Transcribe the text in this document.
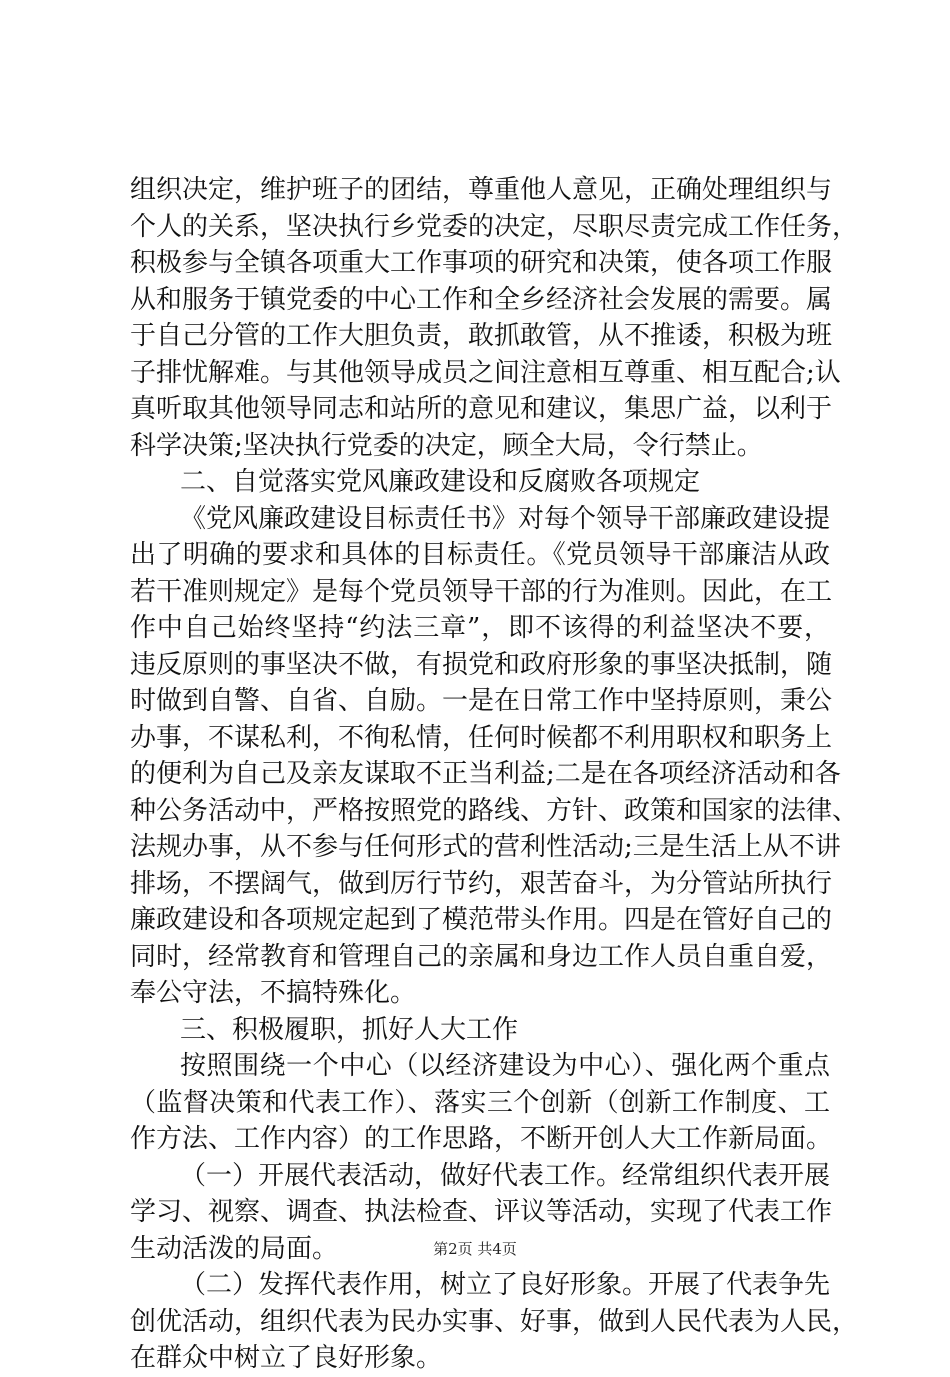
组织决定，维护班子的团结，尊重他人意见，正确处理组织与
个人的关系，坚决执行乡党委的决定，尽职尽责完成工作任务，
积极参与全镇各项重大工作事项的研究和决策，使各项工作服
从和服务于镇党委的中心工作和全乡经济社会发展的需要。属
于自己分管的工作大胆负责，敢抓敢管，从不推诿，积极为班
子排忧解难。与其他领导成员之间注意相互尊重、相互配合;认
真听取其他领导同志和站所的意见和建议，集思广益，以利于
科学决策;坚决执行党委的决定，顾全大局，令行禁止。
二、自觉落实党风廉政建设和反腐败各项规定
《党风廉政建设目标责任书》对每个领导干部廉政建设提
出了明确的要求和具体的目标责任。《党员领导干部廉洁从政
若干准则规定》是每个党员领导干部的行为准则。因此，在工
作中自己始终坚持“约法三章”，即不该得的利益坚决不要，
违反原则的事坚决不做，有损党和政府形象的事坚决抵制，随
时做到自警、自省、自励。一是在日常工作中坚持原则，秉公
办事，不谋私利，不徇私情，任何时候都不利用职权和职务上
的便利为自己及亲友谋取不正当利益;二是在各项经济活动和各
种公务活动中，严格按照党的路线、方针、政策和国家的法律、
法规办事，从不参与任何形式的营利性活动;三是生活上从不讲
排场，不摆阔气，做到厉行节约，艰苦奋斗，为分管站所执行
廉政建设和各项规定起到了模范带头作用。四是在管好自己的
同时，经常教育和管理自己的亲属和身边工作人员自重自爱，
奉公守法，不搞特殊化。
三、积极履职，抓好人大工作
按照围绕一个中心（以经济建设为中心）、强化两个重点
（监督决策和代表工作）、落实三个创新（创新工作制度、工
作方法、工作内容）的工作思路，不断开创人大工作新局面。
（一）开展代表活动，做好代表工作。经常组织代表开展
学习、视察、调查、执法检查、评议等活动，实现了代表工作
生动活泼的局面。
（二）发挥代表作用，树立了良好形象。开展了代表争先
创优活动，组织代表为民办实事、好事，做到人民代表为人民，
在群众中树立了良好形象。
第2页 共4页
